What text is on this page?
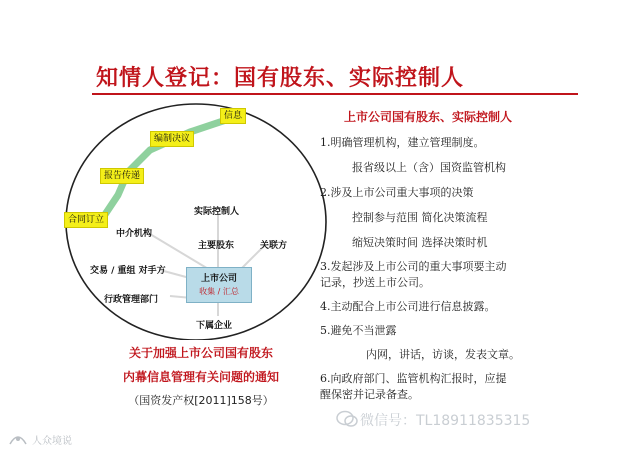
知情人登记：国有股东、实际控制人
信息
编制决议
报告传递
合同订立
实际控制人
中介机构
主要股东	关联方
交易 / 重组 对手方
行政管理部门
下属企业
上市公司
收集 / 汇总
关于加强上市公司国有股东
内幕信息管理有关问题的通知
（国资发产权[2011]158号）
上市公司国有股东、实际控制人
1.明确管理机构，建立管理制度。
报省级以上（含）国资监管机构
2.涉及上市公司重大事项的决策
控制参与范围 简化决策流程
缩短决策时间 选择决策时机
3.发起涉及上市公司的重大事项要主动
记录，抄送上市公司。
4.主动配合上市公司进行信息披露。
5.避免不当泄露
内网，讲话，访谈，发表文章。
6.向政府部门、监管机构汇报时，应提
醒保密并记录备查。
微信号：TL18911835315
人众境说
